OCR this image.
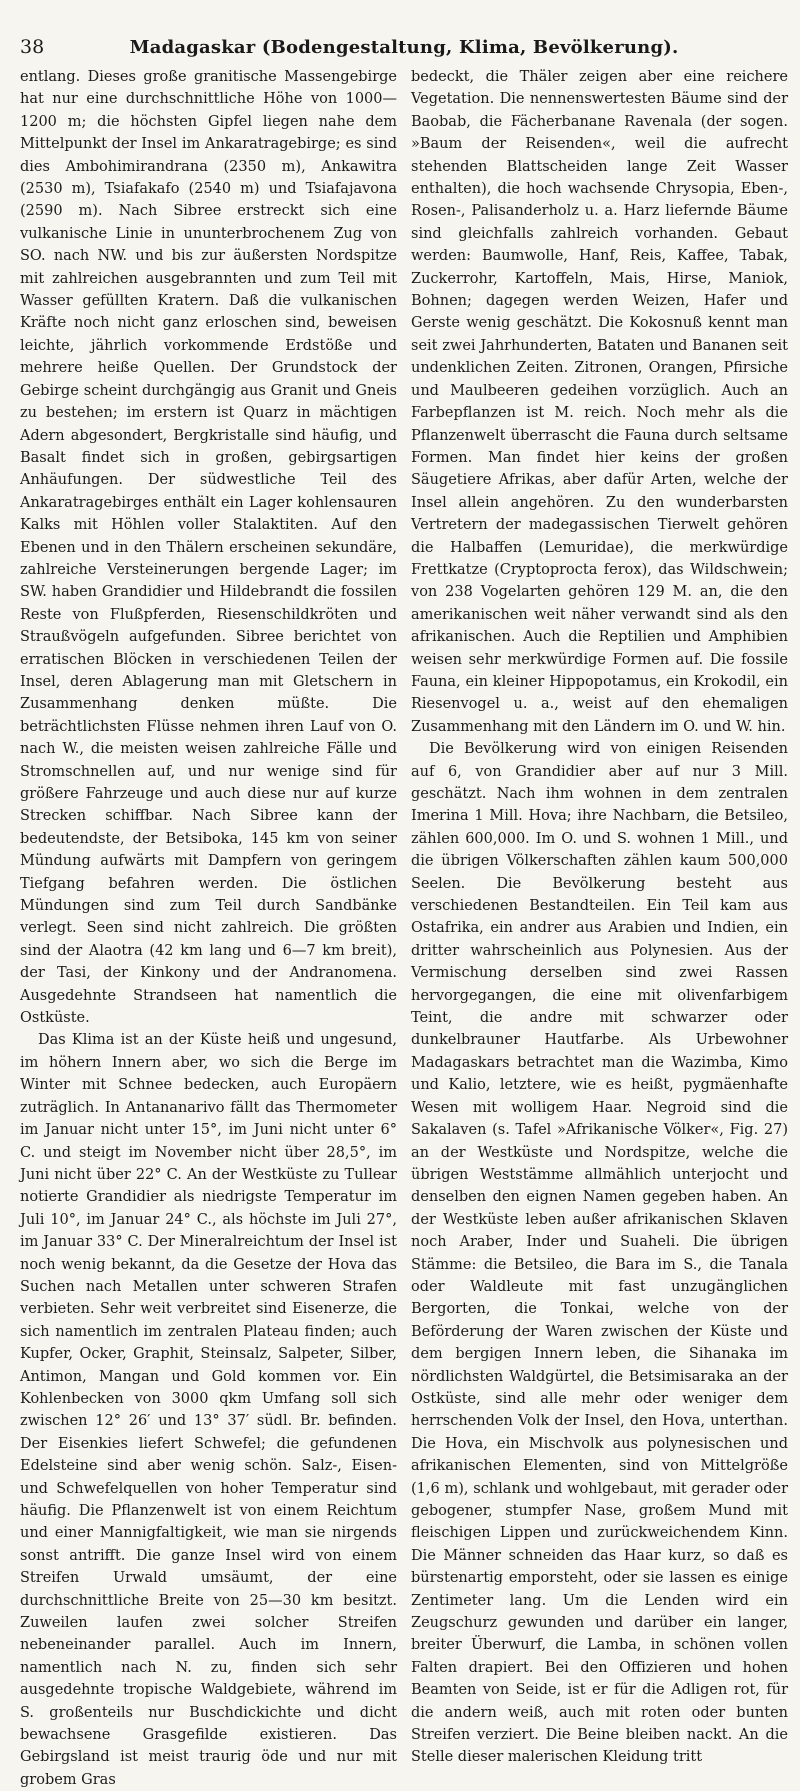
38	Madagaskar (Bodengestaltung, Klima, Bevölkerung).

entlang. Dieses große granitische Massengebirge hat nur eine durchschnittliche Höhe von 1000—1200 m; die höchsten Gipfel liegen nahe dem Mittelpunkt der Insel im Ankaratragebirge; es sind dies Ambohimirandrana (2350 m), Ankawitra (2530 m), Tsiafakafo (2540 m) und Tsiafajavona (2590 m). Nach Sibree erstreckt sich eine vulkanische Linie in ununterbrochenem Zug von SO. nach NW. und bis zur äußersten Nordspitze mit zahlreichen ausgebrannten und zum Teil mit Wasser gefüllten Kratern. Daß die vulkanischen Kräfte noch nicht ganz erloschen sind, beweisen leichte, jährlich vorkommende Erdstöße und mehrere heiße Quellen. Der Grundstock der Gebirge scheint durchgängig aus Granit und Gneis zu bestehen; im erstern ist Quarz in mächtigen Adern abgesondert, Bergkristalle sind häufig, und Basalt findet sich in großen, gebirgsartigen Anhäufungen. Der südwestliche Teil des Ankaratragebirges enthält ein Lager kohlensauren Kalks mit Höhlen voller Stalaktiten. Auf den Ebenen und in den Thälern erscheinen sekundäre, zahlreiche Versteinerungen bergende Lager; im SW. haben Grandidier und Hildebrandt die fossilen Reste von Flußpferden, Riesenschildkröten und Straußvögeln aufgefunden. Sibree berichtet von erratischen Blöcken in verschiedenen Teilen der Insel, deren Ablagerung man mit Gletschern in Zusammenhang denken müßte. Die beträchtlichsten Flüsse nehmen ihren Lauf von O. nach W., die meisten weisen zahlreiche Fälle und Stromschnellen auf, und nur wenige sind für größere Fahrzeuge und auch diese nur auf kurze Strecken schiffbar. Nach Sibree kann der bedeutendste, der Betsiboka, 145 km von seiner Mündung aufwärts mit Dampfern von geringem Tiefgang befahren werden. Die östlichen Mündungen sind zum Teil durch Sandbänke verlegt. Seen sind nicht zahlreich. Die größten sind der Alaotra (42 km lang und 6—7 km breit), der Tasi, der Kinkony und der Andranomena. Ausgedehnte Strandseen hat namentlich die Ostküste.

Das Klima ist an der Küste heiß und ungesund, im höhern Innern aber, wo sich die Berge im Winter mit Schnee bedecken, auch Europäern zuträglich. In Antananarivo fällt das Thermometer im Januar nicht unter 15°, im Juni nicht unter 6° C. und steigt im November nicht über 28,5°, im Juni nicht über 22° C. An der Westküste zu Tullear notierte Grandidier als niedrigste Temperatur im Juli 10°, im Januar 24° C., als höchste im Juli 27°, im Januar 33° C. Der Mineralreichtum der Insel ist noch wenig bekannt, da die Gesetze der Hova das Suchen nach Metallen unter schweren Strafen verbieten. Sehr weit verbreitet sind Eisenerze, die sich namentlich im zentralen Plateau finden; auch Kupfer, Ocker, Graphit, Steinsalz, Salpeter, Silber, Antimon, Mangan und Gold kommen vor. Ein Kohlenbecken von 3000 qkm Umfang soll sich zwischen 12° 26′ und 13° 37′ südl. Br. befinden. Der Eisenkies liefert Schwefel; die gefundenen Edelsteine sind aber wenig schön. Salz-, Eisen- und Schwefelquellen von hoher Temperatur sind häufig. Die Pflanzenwelt ist von einem Reichtum und einer Mannigfaltigkeit, wie man sie nirgends sonst antrifft. Die ganze Insel wird von einem Streifen Urwald umsäumt, der eine durchschnittliche Breite von 25—30 km besitzt. Zuweilen laufen zwei solcher Streifen nebeneinander parallel. Auch im Innern, namentlich nach N. zu, finden sich sehr ausgedehnte tropische Waldgebiete, während im S. großenteils nur Buschdickichte und dicht bewachsene Grasgefilde existieren. Das Gebirgsland ist meist traurig öde und nur mit grobem Gras

bedeckt, die Thäler zeigen aber eine reichere Vegetation. Die nennenswertesten Bäume sind der Baobab, die Fächerbanane Ravenala (der sogen. »Baum der Reisenden«, weil die aufrecht stehenden Blattscheiden lange Zeit Wasser enthalten), die hoch wachsende Chrysopia, Eben-, Rosen-, Palisanderholz u. a. Harz liefernde Bäume sind gleichfalls zahlreich vorhanden. Gebaut werden: Baumwolle, Hanf, Reis, Kaffee, Tabak, Zuckerrohr, Kartoffeln, Mais, Hirse, Maniok, Bohnen; dagegen werden Weizen, Hafer und Gerste wenig geschätzt. Die Kokosnuß kennt man seit zwei Jahrhunderten, Bataten und Bananen seit undenklichen Zeiten. Zitronen, Orangen, Pfirsiche und Maulbeeren gedeihen vorzüglich. Auch an Farbepflanzen ist M. reich. Noch mehr als die Pflanzenwelt überrascht die Fauna durch seltsame Formen. Man findet hier keins der großen Säugetiere Afrikas, aber dafür Arten, welche der Insel allein angehören. Zu den wunderbarsten Vertretern der madegassischen Tierwelt gehören die Halbaffen (Lemuridae), die merkwürdige Frettkatze (Cryptoprocta ferox), das Wildschwein; von 238 Vogelarten gehören 129 M. an, die den amerikanischen weit näher verwandt sind als den afrikanischen. Auch die Reptilien und Amphibien weisen sehr merkwürdige Formen auf. Die fossile Fauna, ein kleiner Hippopotamus, ein Krokodil, ein Riesenvogel u. a., weist auf den ehemaligen Zusammenhang mit den Ländern im O. und W. hin.

Die Bevölkerung wird von einigen Reisenden auf 6, von Grandidier aber auf nur 3 Mill. geschätzt. Nach ihm wohnen in dem zentralen Imerina 1 Mill. Hova; ihre Nachbarn, die Betsileo, zählen 600,000. Im O. und S. wohnen 1 Mill., und die übrigen Völkerschaften zählen kaum 500,000 Seelen. Die Bevölkerung besteht aus verschiedenen Bestandteilen. Ein Teil kam aus Ostafrika, ein andrer aus Arabien und Indien, ein dritter wahrscheinlich aus Polynesien. Aus der Vermischung derselben sind zwei Rassen hervorgegangen, die eine mit olivenfarbigem Teint, die andre mit schwarzer oder dunkelbrauner Hautfarbe. Als Urbewohner Madagaskars betrachtet man die Wazimba, Kimo und Kalio, letztere, wie es heißt, pygmäenhafte Wesen mit wolligem Haar. Negroid sind die Sakalaven (s. Tafel »Afrikanische Völker«, Fig. 27) an der Westküste und Nordspitze, welche die übrigen Weststämme allmählich unterjocht und denselben den eignen Namen gegeben haben. An der Westküste leben außer afrikanischen Sklaven noch Araber, Inder und Suaheli. Die übrigen Stämme: die Betsileo, die Bara im S., die Tanala oder Waldleute mit fast unzugänglichen Bergorten, die Tonkai, welche von der Beförderung der Waren zwischen der Küste und dem bergigen Innern leben, die Sihanaka im nördlichsten Waldgürtel, die Betsimisaraka an der Ostküste, sind alle mehr oder weniger dem herrschenden Volk der Insel, den Hova, unterthan. Die Hova, ein Mischvolk aus polynesischen und afrikanischen Elementen, sind von Mittelgröße (1,6 m), schlank und wohlgebaut, mit gerader oder gebogener, stumpfer Nase, großem Mund mit fleischigen Lippen und zurückweichendem Kinn. Die Männer schneiden das Haar kurz, so daß es bürstenartig emporsteht, oder sie lassen es einige Zentimeter lang. Um die Lenden wird ein Zeugschurz gewunden und darüber ein langer, breiter Überwurf, die Lamba, in schönen vollen Falten drapiert. Bei den Offizieren und hohen Beamten von Seide, ist er für die Adligen rot, für die andern weiß, auch mit roten oder bunten Streifen verziert. Die Beine bleiben nackt. An die Stelle dieser malerischen Kleidung tritt
